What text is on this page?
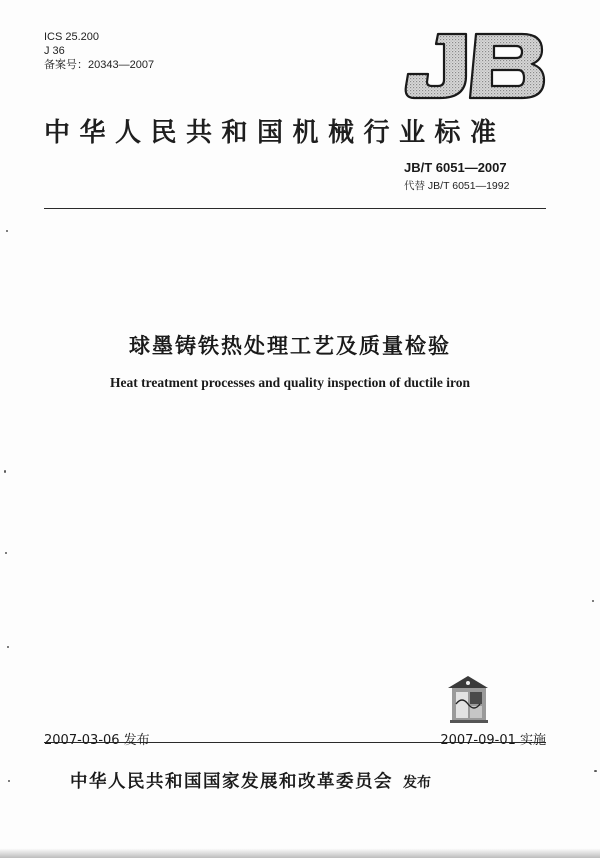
ICS 25.200
J 36
备案号：20343—2007
中华人民共和国机械行业标准
JB/T 6051—2007
代替 JB/T 6051—1992
球墨铸铁热处理工艺及质量检验
Heat treatment processes and quality inspection of ductile iron
2007-03-06 发布	2007-09-01 实施
中华人民共和国国家发展和改革委员会 发布
